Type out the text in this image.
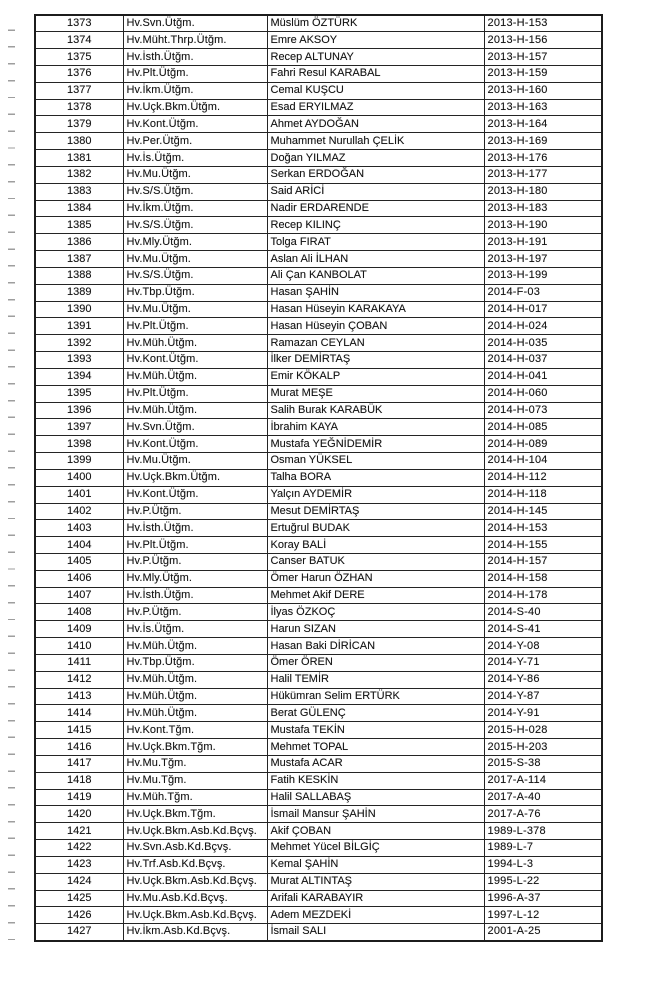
1373	Hv.Svn.Ütğm.	Müslüm ÖZTÜRK	2013-H-153
1374	Hv.Müht.Thrp.Ütğm.	Emre AKSOY	2013-H-156
1375	Hv.İsth.Ütğm.	Recep ALTUNAY	2013-H-157
1376	Hv.Plt.Ütğm.	Fahri Resul KARABAL	2013-H-159
1377	Hv.İkm.Ütğm.	Cemal KUŞCU	2013-H-160
1378	Hv.Uçk.Bkm.Ütğm.	Esad ERYILMAZ	2013-H-163
1379	Hv.Kont.Ütğm.	Ahmet AYDOĞAN	2013-H-164
1380	Hv.Per.Ütğm.	Muhammet Nurullah ÇELİK	2013-H-169
1381	Hv.İs.Ütğm.	Doğan YILMAZ	2013-H-176
1382	Hv.Mu.Ütğm.	Serkan ERDOĞAN	2013-H-177
1383	Hv.S/S.Ütğm.	Said ARİCİ	2013-H-180
1384	Hv.İkm.Ütğm.	Nadir ERDARENDE	2013-H-183
1385	Hv.S/S.Ütğm.	Recep KILINÇ	2013-H-190
1386	Hv.Mly.Ütğm.	Tolga FIRAT	2013-H-191
1387	Hv.Mu.Ütğm.	Aslan Ali İLHAN	2013-H-197
1388	Hv.S/S.Ütğm.	Ali Çan KANBOLAT	2013-H-199
1389	Hv.Tbp.Ütğm.	Hasan ŞAHİN	2014-F-03
1390	Hv.Mu.Ütğm.	Hasan Hüseyin KARAKAYA	2014-H-017
1391	Hv.Plt.Ütğm.	Hasan Hüseyin ÇOBAN	2014-H-024
1392	Hv.Müh.Ütğm.	Ramazan CEYLAN	2014-H-035
1393	Hv.Kont.Ütğm.	İlker DEMİRTAŞ	2014-H-037
1394	Hv.Müh.Ütğm.	Emir KÖKALP	2014-H-041
1395	Hv.Plt.Ütğm.	Murat MEŞE	2014-H-060
1396	Hv.Müh.Ütğm.	Salih Burak KARABÜK	2014-H-073
1397	Hv.Svn.Ütğm.	İbrahim KAYA	2014-H-085
1398	Hv.Kont.Ütğm.	Mustafa YEĞNİDEMİR	2014-H-089
1399	Hv.Mu.Ütğm.	Osman YÜKSEL	2014-H-104
1400	Hv.Uçk.Bkm.Ütğm.	Talha BORA	2014-H-112
1401	Hv.Kont.Ütğm.	Yalçın AYDEMİR	2014-H-118
1402	Hv.P.Ütğm.	Mesut DEMİRTAŞ	2014-H-145
1403	Hv.İsth.Ütğm.	Ertuğrul BUDAK	2014-H-153
1404	Hv.Plt.Ütğm.	Koray BALİ	2014-H-155
1405	Hv.P.Ütğm.	Canser BATUK	2014-H-157
1406	Hv.Mly.Ütğm.	Ömer Harun ÖZHAN	2014-H-158
1407	Hv.İsth.Ütğm.	Mehmet Akif DERE	2014-H-178
1408	Hv.P.Ütğm.	İlyas ÖZKOÇ	2014-S-40
1409	Hv.İs.Ütğm.	Harun SIZAN	2014-S-41
1410	Hv.Müh.Ütğm.	Hasan Baki DİRİCAN	2014-Y-08
1411	Hv.Tbp.Ütğm.	Ömer ÖREN	2014-Y-71
1412	Hv.Müh.Ütğm.	Halil TEMİR	2014-Y-86
1413	Hv.Müh.Ütğm.	Hükümran Selim ERTÜRK	2014-Y-87
1414	Hv.Müh.Ütğm.	Berat GÜLENÇ	2014-Y-91
1415	Hv.Kont.Tğm.	Mustafa TEKİN	2015-H-028
1416	Hv.Uçk.Bkm.Tğm.	Mehmet TOPAL	2015-H-203
1417	Hv.Mu.Tğm.	Mustafa ACAR	2015-S-38
1418	Hv.Mu.Tğm.	Fatih KESKİN	2017-A-114
1419	Hv.Müh.Tğm.	Halil SALLABAŞ	2017-A-40
1420	Hv.Uçk.Bkm.Tğm.	İsmail Mansur ŞAHİN	2017-A-76
1421	Hv.Uçk.Bkm.Asb.Kd.Bçvş.	Akif ÇOBAN	1989-L-378
1422	Hv.Svn.Asb.Kd.Bçvş.	Mehmet Yücel BİLGİÇ	1989-L-7
1423	Hv.Trf.Asb.Kd.Bçvş.	Kemal ŞAHİN	1994-L-3
1424	Hv.Uçk.Bkm.Asb.Kd.Bçvş.	Murat ALTINTAŞ	1995-L-22
1425	Hv.Mu.Asb.Kd.Bçvş.	Arifali KARABAYIR	1996-A-37
1426	Hv.Uçk.Bkm.Asb.Kd.Bçvş.	Adem MEZDEKİ	1997-L-12
1427	Hv.İkm.Asb.Kd.Bçvş.	İsmail SALI	2001-A-25
